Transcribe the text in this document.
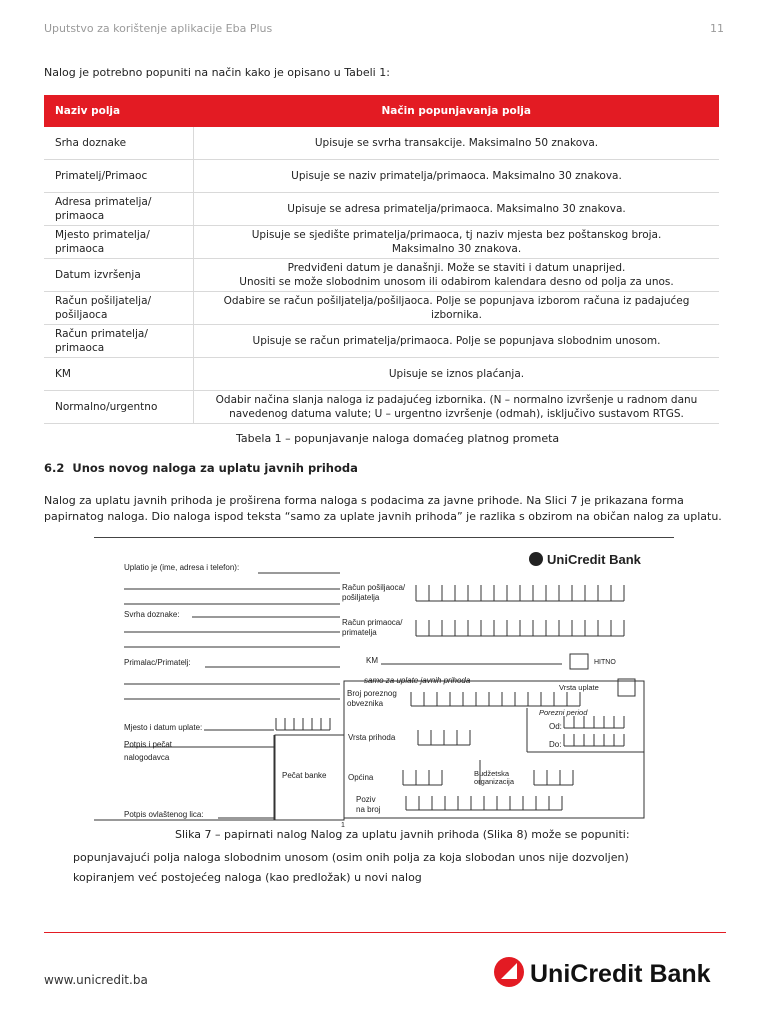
Uputstvo za korištenje aplikacije Eba Plus	11
Nalog je potrebno popuniti na način kako je opisano u Tabeli 1:
Naziv polja	Način popunjavanja polja
Srha doznake	Upisuje se svrha transakcije. Maksimalno 50 znakova.

Primatelj/Primaoc	Upisuje se naziv primatelja/primaoca. Maksimalno 30 znakova.

Adresa primatelja/ primaoca	Upisuje se adresa primatelja/primaoca. Maksimalno 30 znakova.

Mjesto primatelja/ primaoca	Upisuje se sjedište primatelja/primaoca, tj naziv mjesta bez poštanskog broja.
Maksimalno 30 znakova.

Datum izvršenja	Predviđeni datum je današnji. Može se staviti i datum unaprijed.
Unositi se može slobodnim unosom ili odabirom kalendara desno od polja za unos.

Račun pošiljatelja/ pošiljaoca	Odabire se račun pošiljatelja/pošiljaoca. Polje se popunjava izborom računa iz padajućeg izbornika.

Račun primatelja/ primaoca	Upisuje se račun primatelja/primaoca. Polje se popunjava slobodnim unosom.

KM	Upisuje se iznos plaćanja.

Normalno/urgentno	Odabir načina slanja naloga iz padajućeg izbornika. (N – normalno izvršenje u radnom danu
navedenog datuma valute; U – urgentno izvršenje (odmah), isključivo sustavom RTGS.
Tabela 1 – popunjavanje naloga domaćeg platnog prometa
6.2 Unos novog naloga za uplatu javnih prihoda
Nalog za uplatu javnih prihoda je proširena forma naloga s podacima za javne prihode. Na Slici 7 je prikazana forma papirnatog naloga. Dio naloga ispod teksta “samo za uplate javnih prihoda” je razlika s obzirom na običan nalog za uplatu.
Uplatio je (ime, adresa i telefon):
Svrha doznake:
Primalac/Primatelj:
Mjesto i datum uplate:
Potpis i pečat
nalogodavca
Pečat banke
Potpis ovlaštenog lica:
Račun pošiljaoca/
pošiljatelja
Račun primaoca/
primatelja
KM	HITNO
samo za uplate javnih prihoda
Broj poreznog
obveznika
Vrsta uplate
Porezni period
Od:
Do:
Vrsta prihoda
Općina	Budžetska
organizacija
Poziv
na broj
UniCredit Bank
1
Slika 7 – papirnati nalog Nalog za uplatu javnih prihoda (Slika 8) može se popuniti:
popunjavajući polja naloga slobodnim unosom (osim onih polja za koja slobodan unos nije dozvoljen)
kopiranjem već postojećeg naloga (kao predložak) u novi nalog
www.unicredit.ba	UniCredit Bank
